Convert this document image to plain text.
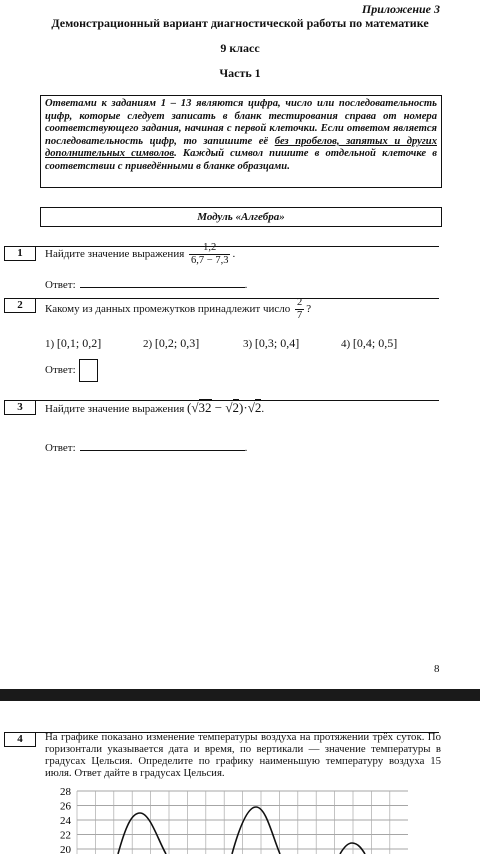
Приложение 3
Демонстрационный вариант диагностической работы по математике
9 класс
Часть 1
Ответами к заданиям 1 – 13 являются цифра, число или последовательность цифр, которые следует записать в бланк тестирования справа от номера соответствующего задания, начиная с первой клеточки. Если ответом является последовательность цифр, то запишите её без пробелов, запятых и других дополнительных символов. Каждый символ пишите в отдельной клеточке в соответствии с приведёнными в бланке образцами.
Модуль «Алгебра»
1	Найдите значение выражения $\frac{1,2}{6,7 - 7,3}$ .
Ответ:	.
2	Какому из данных промежутков принадлежит число $\frac{2}{7}$ ?
1) [0,1; 0,2]	2) [0,2; 0,3]	3) [0,3; 0,4]	4) [0,4; 0,5]
Ответ:
3	Найдите значение выражения (√32 − √2)·√2.
Ответ:	.
8
4	На графике показано изменение температуры воздуха на протяжении трёх суток. По горизонтали указывается дата и время, по вертикали — значение температуры в градусах Цельсия. Определите по графику наименьшую температуру воздуха 15 июля. Ответ дайте в градусах Цельсия.
28
26
24
22
20
